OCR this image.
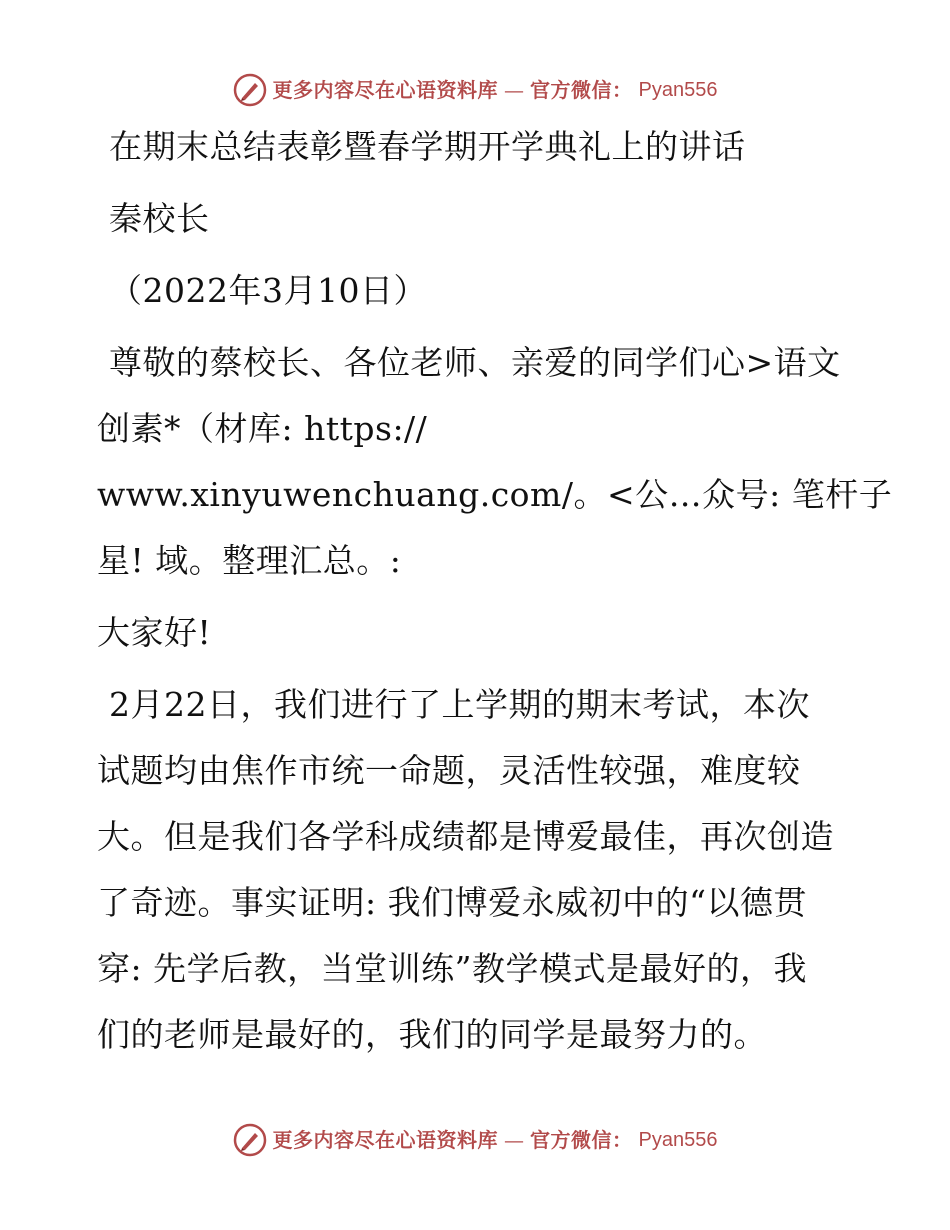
更多内容尽在心语资料库 — 官方微信： Pyan556
在期末总结表彰暨春学期开学典礼上的讲话
秦校长
（2022年3月10日）
尊敬的蔡校长、各位老师、亲爱的同学们心>语文
创素*（材库: https://
www.xinyuwenchuang.com/。<公…众号: 笔杆子
星! 域。整理汇总。:
大家好!
2月22日，我们进行了上学期的期末考试，本次
试题均由焦作市统一命题，灵活性较强，难度较
大。但是我们各学科成绩都是博爱最佳，再次创造
了奇迹。事实证明: 我们博爱永威初中的“以德贯
穿: 先学后教，当堂训练”教学模式是最好的，我
们的老师是最好的，我们的同学是最努力的。
更多内容尽在心语资料库 — 官方微信： Pyan556
